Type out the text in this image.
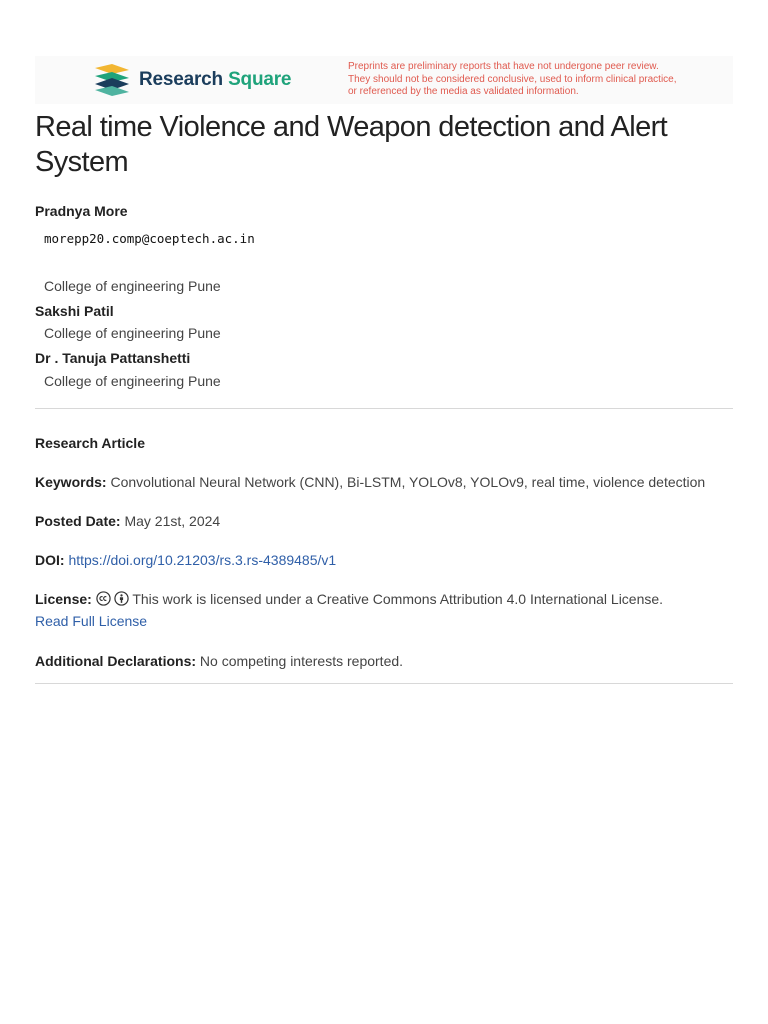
Research Square
Preprints are preliminary reports that have not undergone peer review.
They should not be considered conclusive, used to inform clinical practice,
or referenced by the media as validated information.
Real time Violence and Weapon detection and Alert System
Pradnya More
morepp20.comp@coeptech.ac.in
College of engineering Pune
Sakshi Patil
College of engineering Pune
Dr . Tanuja Pattanshetti
College of engineering Pune
Research Article
Keywords: Convolutional Neural Network (CNN), Bi-LSTM, YOLOv8, YOLOv9, real time, violence detection
Posted Date: May 21st, 2024
DOI: https://doi.org/10.21203/rs.3.rs-4389485/v1
License:	This work is licensed under a Creative Commons Attribution 4.0 International License.
Read Full License
Additional Declarations: No competing interests reported.
